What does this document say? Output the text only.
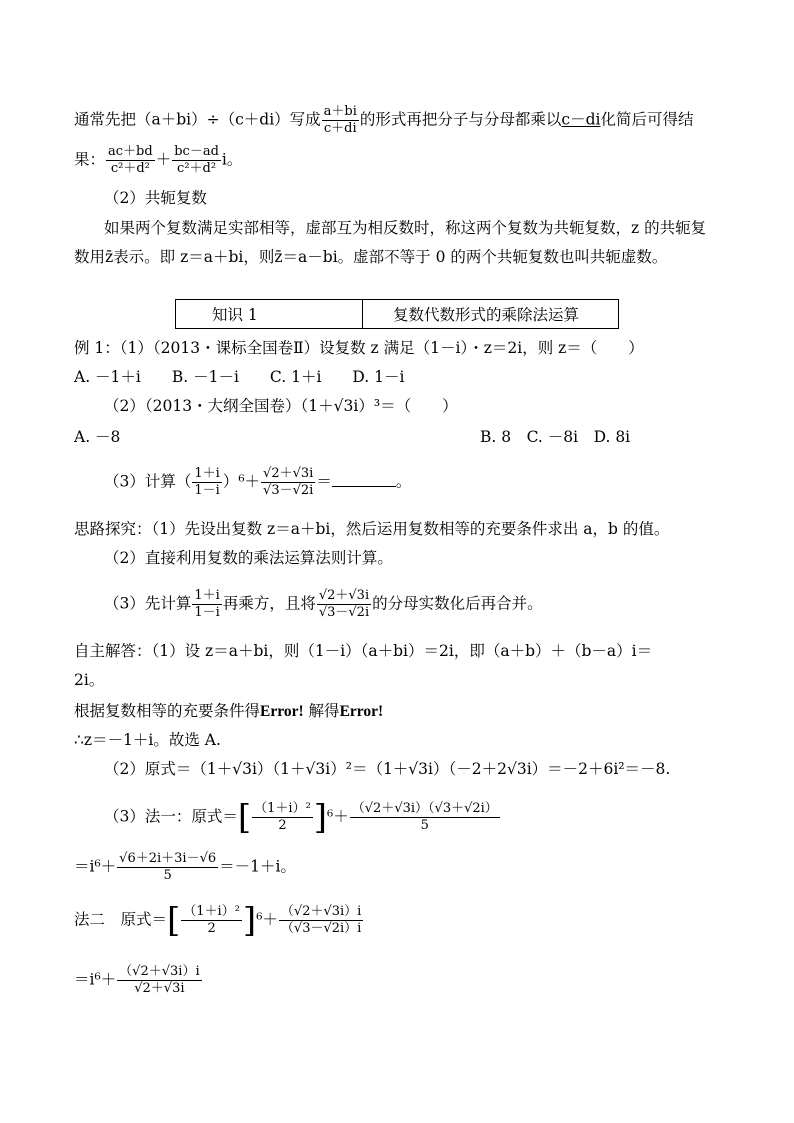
通常先把（a＋bi）÷（c＋di）写成 $\frac{a+bi}{c+di}$ 的形式再把分子与分母都乘以c－di化简后可得结
果： $\frac{ac+bd}{\text{c²＋d²}} + \frac{bc-ad}{\text{c²＋d²}}$ i。
（2）共轭复数
如果两个复数满足实部相等，虚部互为相反数时，称这两个复数为共轭复数，z 的共轭复
数用z̄表示。即 z＝a＋bi，则z̄＝a－bi。虚部不等于 0 的两个共轭复数也叫共轭虚数。
知识 1	复数代数形式的乘除法运算
例 1：（1）（2013・课标全国卷Ⅱ）设复数 z 满足（1－i）・z＝2i，则 z＝（　　）
A. －1＋i　　B. －1－i　　C. 1＋i　　D. 1－i
（2）（2013・大纲全国卷）（1＋√3i）³＝（　　）
A. －8	B. 8　C. －8i　D. 8i
（3）计算（ $\frac{1+i}{1-i} )^6+ \frac{√2+√3i}{√3-√2i}$ ＝	。
思路探究：（1）先设出复数 z＝a＋bi，然后运用复数相等的充要条件求出 a，b 的值。
（2）直接利用复数的乘法运算法则计算。
（3）先计算 $\frac{1+i}{1-i}$ 再乘方，且将 $\frac{√2+√3i}{√3-√2i}$ 的分母实数化后再合并。
自主解答：（1）设 z＝a＋bi，则（1－i）（a＋bi）＝2i，即（a＋b）＋（b－a）i＝
2i。
根据复数相等的充要条件得Error! 解得Error!
∴z＝－1＋i。故选 A.
（2）原式＝（1＋√3i）（1＋√3i）²＝（1＋√3i）（－2＋2√3i）＝－2＋6i²＝－8.
（3）法一：原式＝[ $\frac{\text{（1＋i）²}}{2} ]^6+ \frac{(√2+√3i)(√3+√2i)}{5}$
$=i^6+ \frac{√6+2i+3i-√6}{5} =-1+i$。
法二　原式＝[ $\frac{\text{（1＋i）²}}{2} ]^6+ \frac{(√2+√3i)i}{(√3-√2i)i}$
$=i^6+ \frac{(√2+√3i)i}{√2+√3i}$
